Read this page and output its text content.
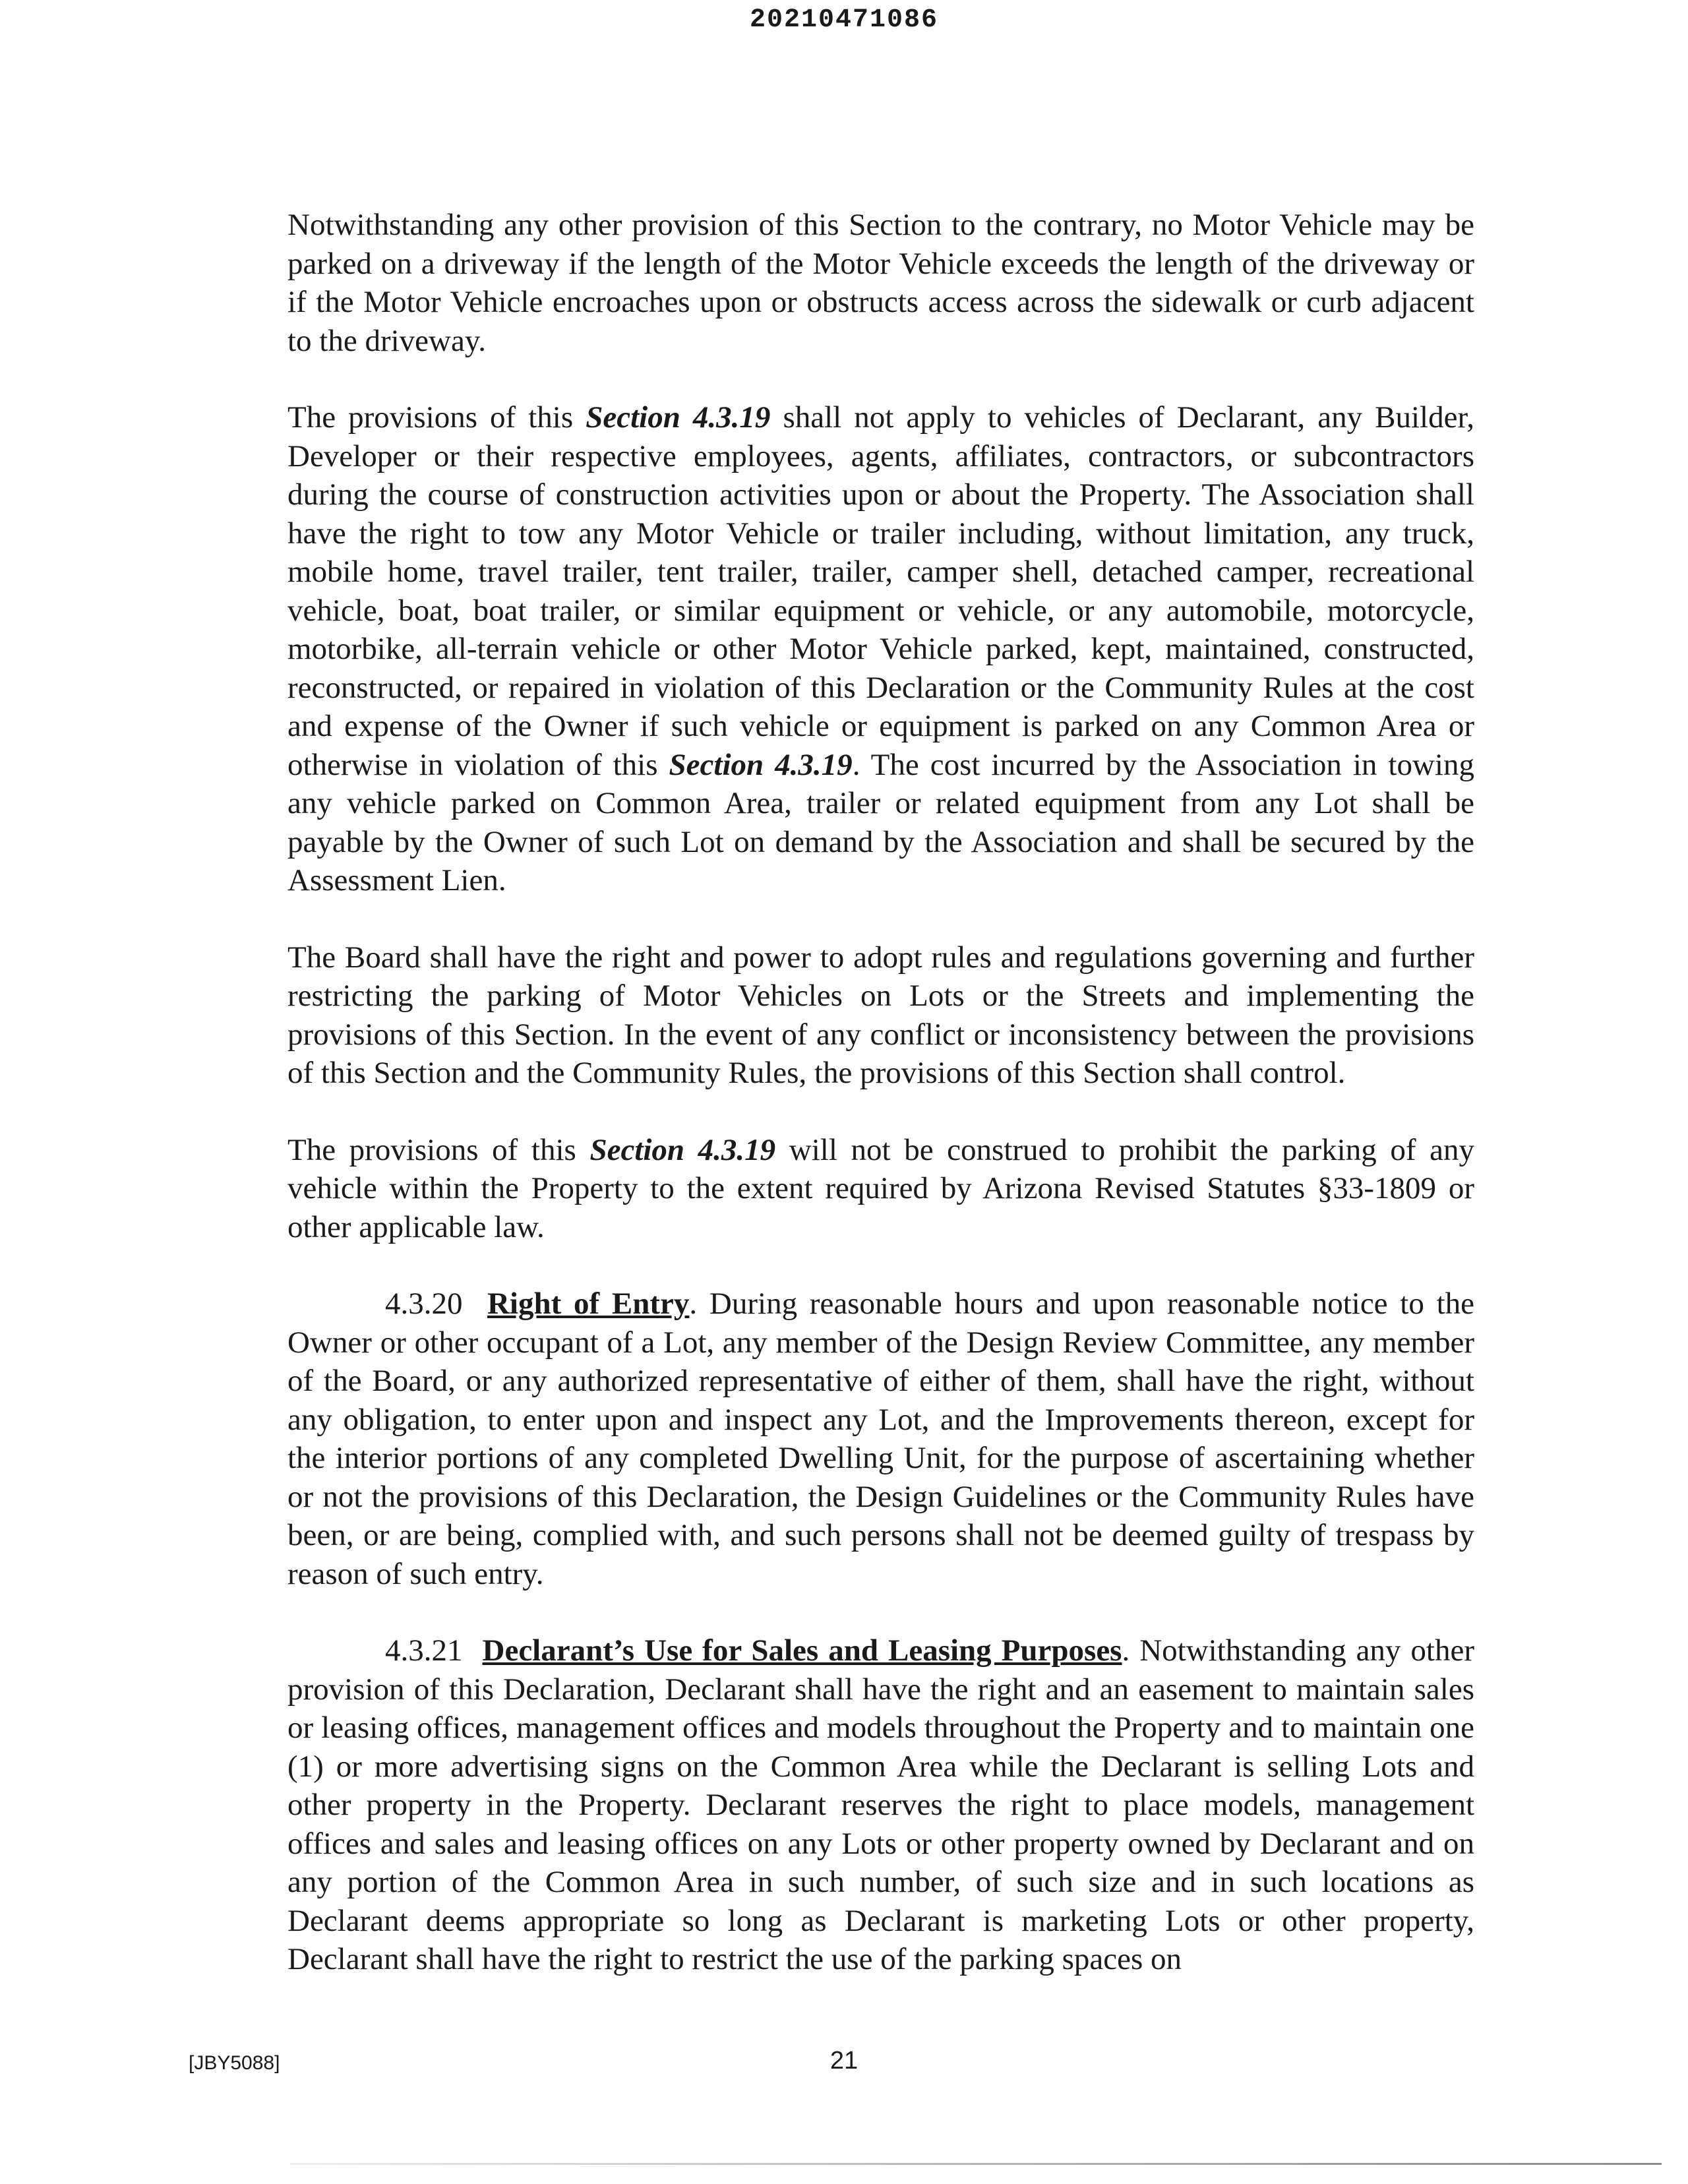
20210471086

Notwithstanding any other provision of this Section to the contrary, no Motor Vehicle may be parked on a driveway if the length of the Motor Vehicle exceeds the length of the driveway or if the Motor Vehicle encroaches upon or obstructs access across the sidewalk or curb adjacent to the driveway.

The provisions of this Section 4.3.19 shall not apply to vehicles of Declarant, any Builder, Developer or their respective employees, agents, affiliates, contractors, or subcontractors during the course of construction activities upon or about the Property. The Association shall have the right to tow any Motor Vehicle or trailer including, without limitation, any truck, mobile home, travel trailer, tent trailer, trailer, camper shell, detached camper, recreational vehicle, boat, boat trailer, or similar equipment or vehicle, or any automobile, motorcycle, motorbike, all-terrain vehicle or other Motor Vehicle parked, kept, maintained, constructed, reconstructed, or repaired in violation of this Declaration or the Community Rules at the cost and expense of the Owner if such vehicle or equipment is parked on any Common Area or otherwise in violation of this Section 4.3.19. The cost incurred by the Association in towing any vehicle parked on Common Area, trailer or related equipment from any Lot shall be payable by the Owner of such Lot on demand by the Association and shall be secured by the Assessment Lien.

The Board shall have the right and power to adopt rules and regulations governing and further restricting the parking of Motor Vehicles on Lots or the Streets and implementing the provisions of this Section. In the event of any conflict or inconsistency between the provisions of this Section and the Community Rules, the provisions of this Section shall control.

The provisions of this Section 4.3.19 will not be construed to prohibit the parking of any vehicle within the Property to the extent required by Arizona Revised Statutes §33-1809 or other applicable law.

4.3.20 Right of Entry. During reasonable hours and upon reasonable notice to the Owner or other occupant of a Lot, any member of the Design Review Committee, any member of the Board, or any authorized representative of either of them, shall have the right, without any obligation, to enter upon and inspect any Lot, and the Improvements thereon, except for the interior portions of any completed Dwelling Unit, for the purpose of ascertaining whether or not the provisions of this Declaration, the Design Guidelines or the Community Rules have been, or are being, complied with, and such persons shall not be deemed guilty of trespass by reason of such entry.

4.3.21 Declarant’s Use for Sales and Leasing Purposes. Notwithstanding any other provision of this Declaration, Declarant shall have the right and an easement to maintain sales or leasing offices, management offices and models throughout the Property and to maintain one (1) or more advertising signs on the Common Area while the Declarant is selling Lots and other property in the Property. Declarant reserves the right to place models, management offices and sales and leasing offices on any Lots or other property owned by Declarant and on any portion of the Common Area in such number, of such size and in such locations as Declarant deems appropriate so long as Declarant is marketing Lots or other property, Declarant shall have the right to restrict the use of the parking spaces on

[JBY5088]	21
